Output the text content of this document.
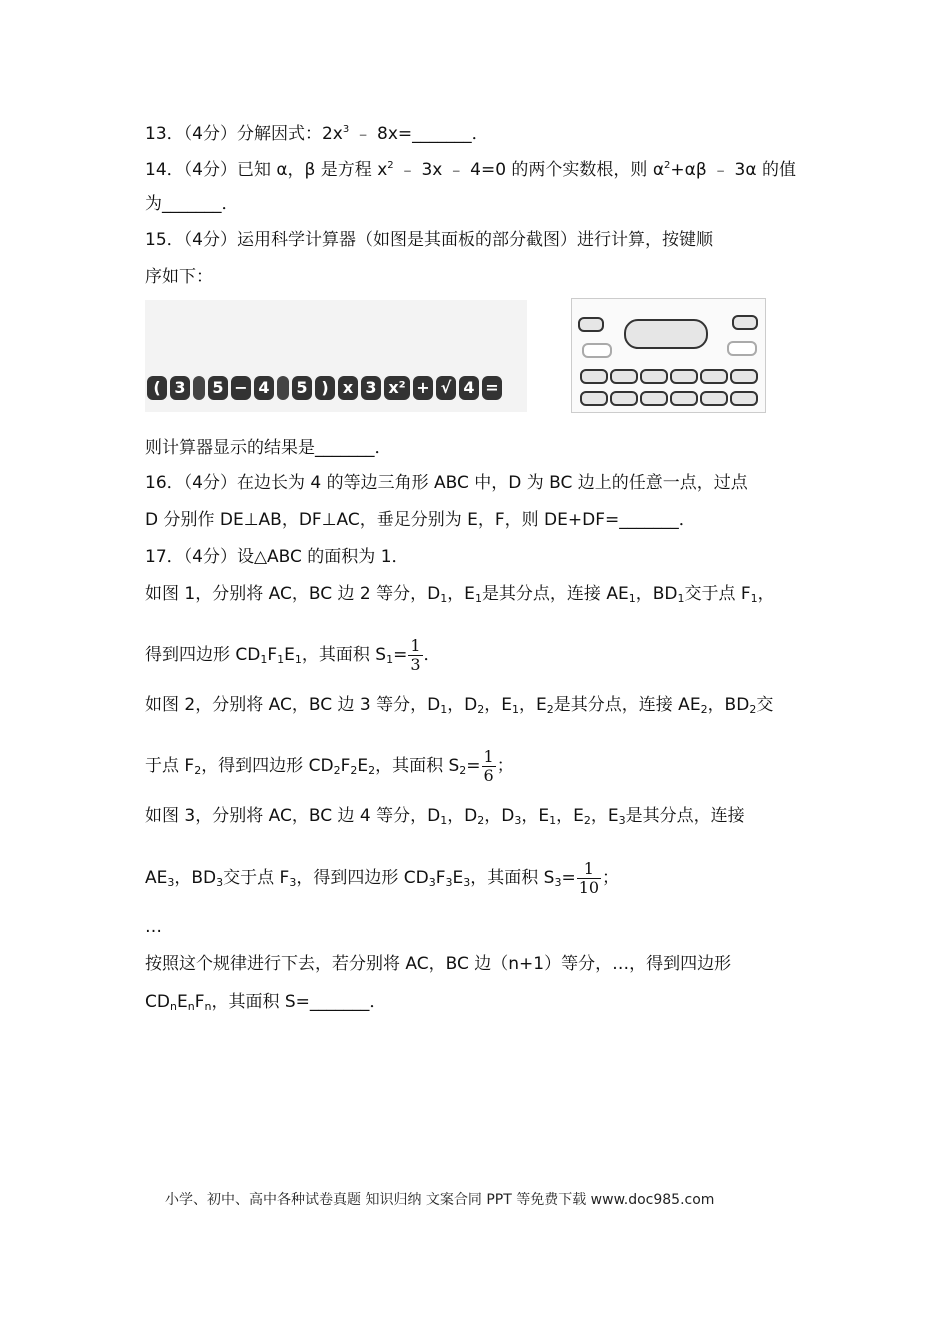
13．（4分）分解因式：$2x^3$ ﹣ 8x=_______．
14．（4分）已知 α，β 是方程 $x^2$ ﹣ 3x ﹣ 4=0 的两个实数根，则 $\alpha^2+\alpha\beta$ ﹣ 3α 的值
为_______．
15．（4分）运用科学计算器（如图是其面板的部分截图）进行计算，按键顺
序如下：
( 3 5 − 4 5 ) x 3 x² + √ 4 =
则计算器显示的结果是_______．
16．（4分）在边长为 4 的等边三角形 ABC 中，D 为 BC 边上的任意一点，过点
D 分别作 DE⊥AB，DF⊥AC，垂足分别为 E，F，则 DE+DF=_______．
17．（4分）设△ABC 的面积为 1．
如图 1，分别将 AC，BC 边 2 等分，$D_1$，$E_1$是其分点，连接 $AE_1$，$BD_1$交于点 $F_1$，
得到四边形 $CD_1F_1E_1$，其面积 $S_1= \frac{1}{3}$ ．
如图 2，分别将 AC，BC 边 3 等分，$D_1$，$D_2$，$E_1$，$E_2$是其分点，连接 $AE_2$，$BD_2$交
于点 $F_2$，得到四边形 $CD_2F_2E_2$，其面积 $S_2= \frac{1}{6}$ ；
如图 3，分别将 AC，BC 边 4 等分，$D_1$，$D_2$，$D_3$，$E_1$，$E_2$，$E_3$是其分点，连接
$AE_3$，$BD_3$交于点 $F_3$，得到四边形 $CD_3F_3E_3$，其面积 $S_3= \frac{1}{10}$ ；
…
按照这个规律进行下去，若分别将 AC，BC 边（n+1）等分，…，得到四边形
$CD_nE_nF_n$，其面积 S=_______．
小学、初中、高中各种试卷真题 知识归纳 文案合同 PPT 等免费下载 www.doc985.com
